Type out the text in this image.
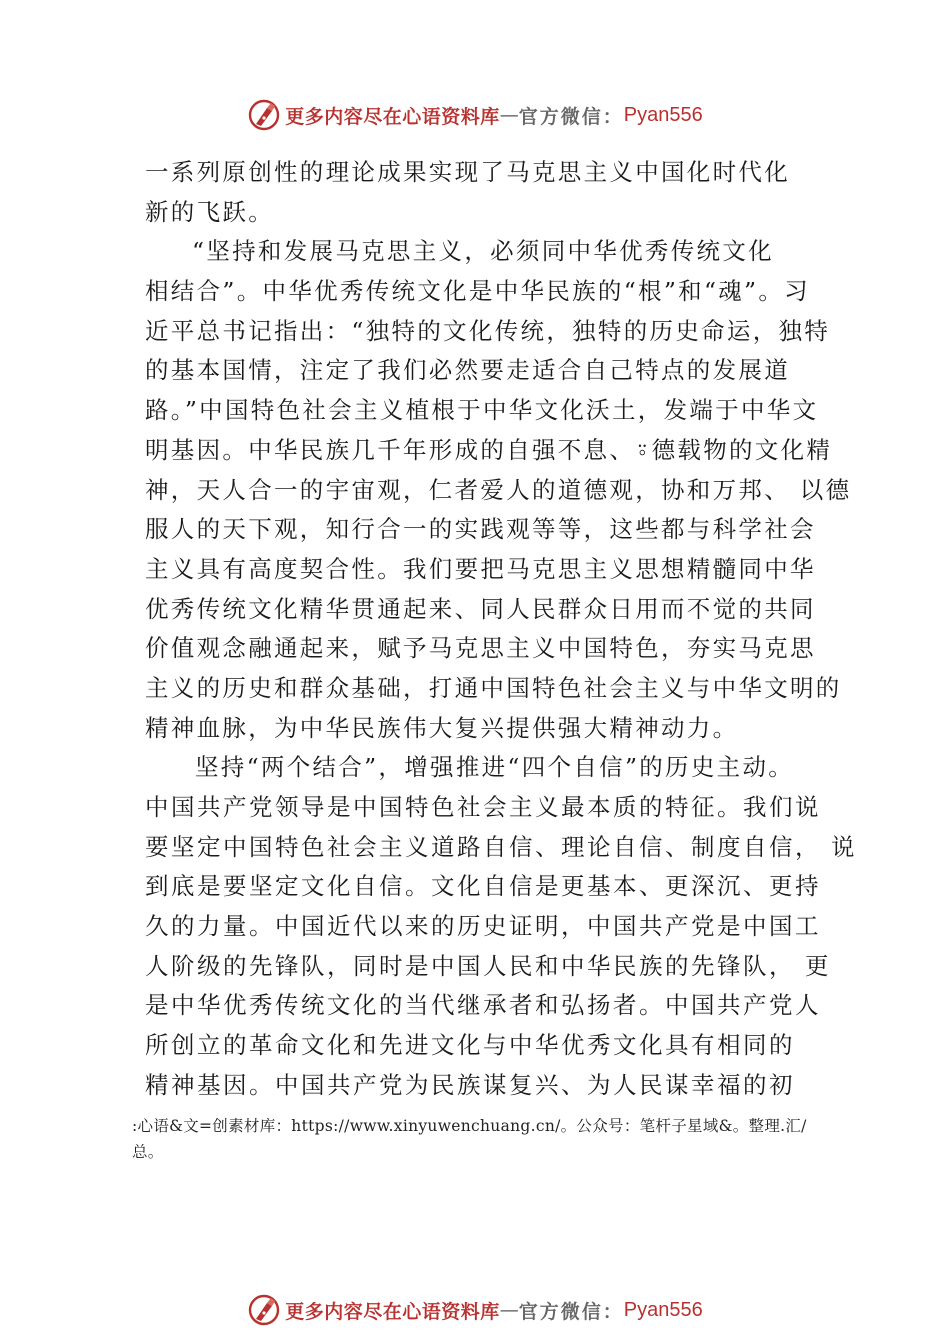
更多内容尽在心语资料库 — 官方微信： Pyan556
一系列原创性的理论成果实现了马克思主义中国化时代化
新的飞跃。
“坚持和发展马克思主义，必须同中华优秀传统文化
相结合”。中华优秀传统文化是中华民族的“根”和“魂”。习
近平总书记指出：“独特的文化传统，独特的历史命运，独特
的基本国情，注定了我们必然要走适合自己特点的发展道
路。”中国特色社会主义植根于中华文化沃土，发端于中华文
明基因。中华民族几千年形成的自强不息、⍤德载物的文化精
神，天人合一的宇宙观，仁者爱人的道德观，协和万邦、 以德
服人的天下观，知行合一的实践观等等，这些都与科学社会
主义具有高度契合性。我们要把马克思主义思想精髓同中华
优秀传统文化精华贯通起来、同人民群众日用而不觉的共同
价值观念融通起来，赋予马克思主义中国特色，夯实马克思
主义的历史和群众基础，打通中国特色社会主义与中华文明的
精神血脉，为中华民族伟大复兴提供强大精神动力。
坚持“两个结合”，增强推进“四个自信”的历史主动。
中国共产党领导是中国特色社会主义最本质的特征。我们说
要坚定中国特色社会主义道路自信、理论自信、制度自信， 说
到底是要坚定文化自信。文化自信是更基本、更深沉、更持
久的力量。中国近代以来的历史证明，中国共产党是中国工
人阶级的先锋队，同时是中国人民和中华民族的先锋队， 更
是中华优秀传统文化的当代继承者和弘扬者。中国共产党人
所创立的革命文化和先进文化与中华优秀文化具有相同的
精神基因。中国共产党为民族谋复兴、为人民谋幸福的初
:心语&文=创素材库：https://www.xinyuwenchuang.cn/。公众号：笔杆子星域&。整理.汇/
总。
更多内容尽在心语资料库 — 官方微信： Pyan556
